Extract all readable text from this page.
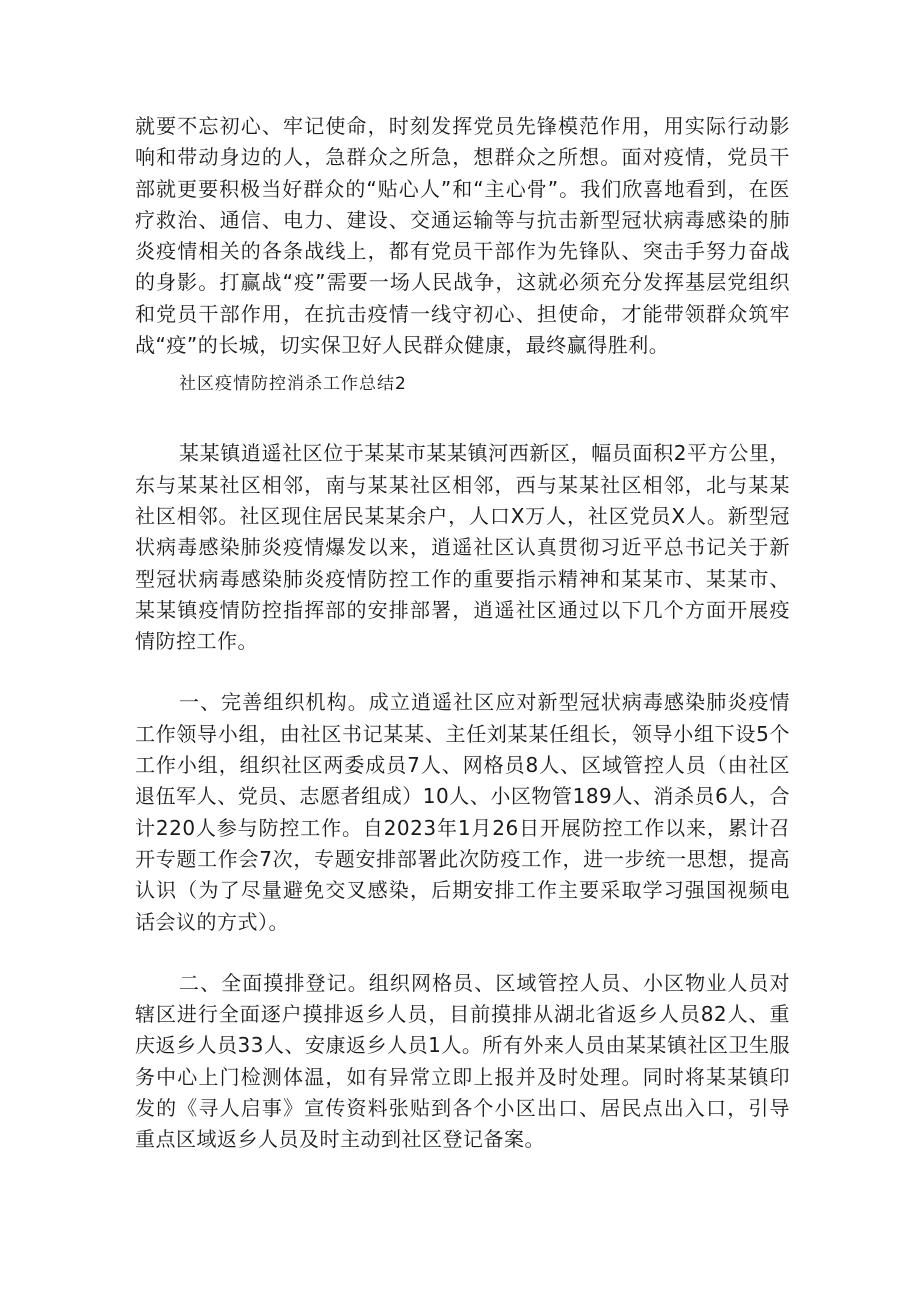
就要不忘初心、牢记使命，时刻发挥党员先锋模范作用，用实际行动影响和带动身边的人，急群众之所急，想群众之所想。面对疫情，党员干部就更要积极当好群众的“贴心人”和“主心骨”。我们欣喜地看到，在医疗救治、通信、电力、建设、交通运输等与抗击新型冠状病毒感染的肺炎疫情相关的各条战线上，都有党员干部作为先锋队、突击手努力奋战的身影。打赢战“疫”需要一场人民战争，这就必须充分发挥基层党组织和党员干部作用，在抗击疫情一线守初心、担使命，才能带领群众筑牢战“疫”的长城，切实保卫好人民群众健康，最终赢得胜利。

社区疫情防控消杀工作总结2

某某镇逍遥社区位于某某市某某镇河西新区，幅员面积2平方公里，东与某某社区相邻，南与某某社区相邻，西与某某社区相邻，北与某某社区相邻。社区现住居民某某余户，人口X万人，社区党员X人。新型冠状病毒感染肺炎疫情爆发以来，逍遥社区认真贯彻习近平总书记关于新型冠状病毒感染肺炎疫情防控工作的重要指示精神和某某市、某某市、某某镇疫情防控指挥部的安排部署，逍遥社区通过以下几个方面开展疫情防控工作。

一、完善组织机构。成立逍遥社区应对新型冠状病毒感染肺炎疫情工作领导小组，由社区书记某某、主任刘某某任组长，领导小组下设5个工作小组，组织社区两委成员7人、网格员8人、区域管控人员（由社区退伍军人、党员、志愿者组成）10人、小区物管189人、消杀员6人，合计220人参与防控工作。自2023年1月26日开展防控工作以来，累计召开专题工作会7次，专题安排部署此次防疫工作，进一步统一思想，提高认识（为了尽量避免交叉感染，后期安排工作主要采取学习强国视频电话会议的方式）。

二、全面摸排登记。组织网格员、区域管控人员、小区物业人员对辖区进行全面逐户摸排返乡人员，目前摸排从湖北省返乡人员82人、重庆返乡人员33人、安康返乡人员1人。所有外来人员由某某镇社区卫生服务中心上门检测体温，如有异常立即上报并及时处理。同时将某某镇印发的《寻人启事》宣传资料张贴到各个小区出口、居民点出入口，引导重点区域返乡人员及时主动到社区登记备案。
